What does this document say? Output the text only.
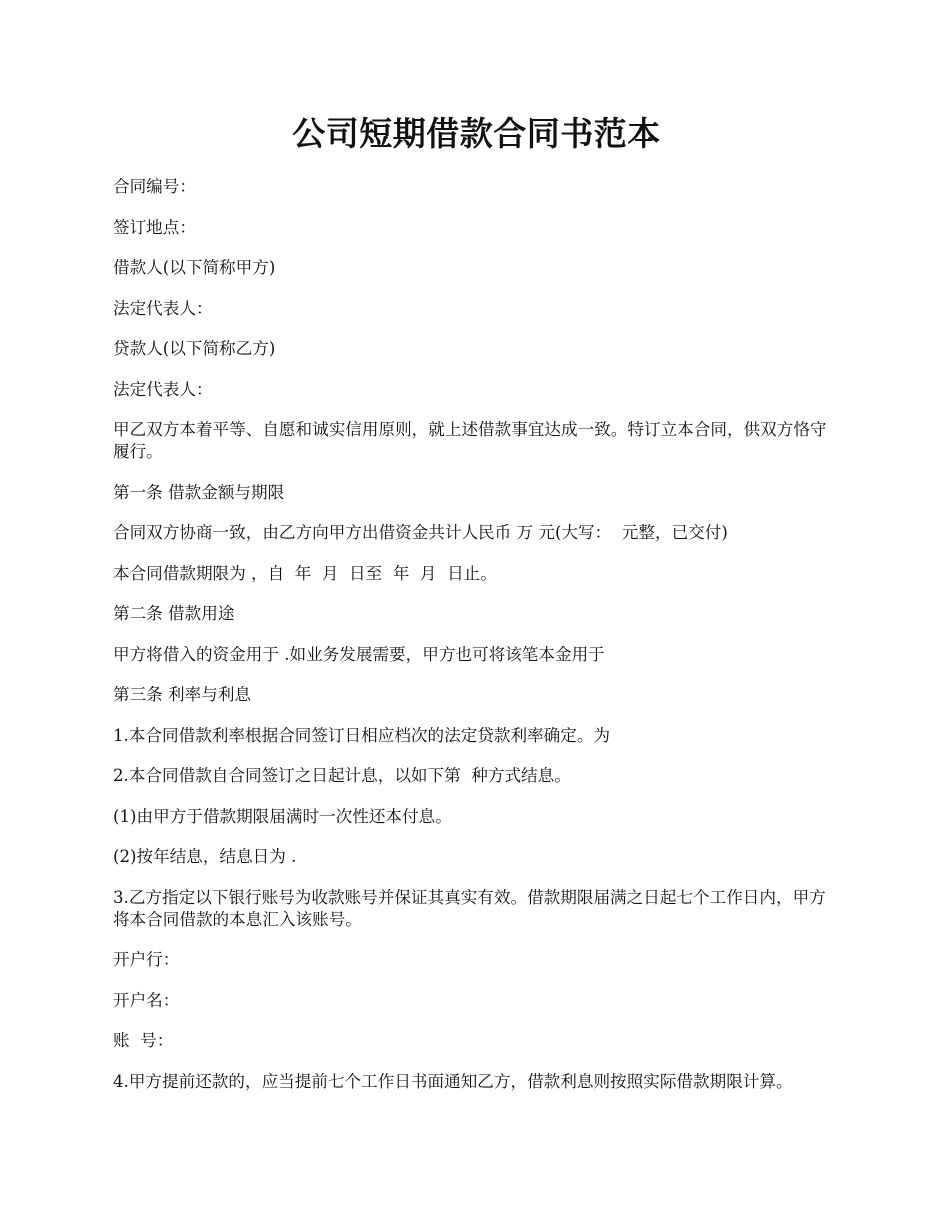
公司短期借款合同书范本

合同编号：

签订地点：

借款人(以下简称甲方)

法定代表人：

贷款人(以下简称乙方)

法定代表人：

甲乙双方本着平等、自愿和诚实信用原则，就上述借款事宜达成一致。特订立本合同，供双方恪守履行。

第一条 借款金额与期限

合同双方协商一致，由乙方向甲方出借资金共计人民币 万 元(大写：  元整，已交付)

本合同借款期限为 ，自  年  月  日至  年  月  日止。

第二条 借款用途

甲方将借入的资金用于 .如业务发展需要，甲方也可将该笔本金用于

第三条 利率与利息

1.本合同借款利率根据合同签订日相应档次的法定贷款利率确定。为

2.本合同借款自合同签订之日起计息，以如下第  种方式结息。

(1)由甲方于借款期限届满时一次性还本付息。

(2)按年结息，结息日为 .

3.乙方指定以下银行账号为收款账号并保证其真实有效。借款期限届满之日起七个工作日内，甲方将本合同借款的本息汇入该账号。

开户行：

开户名：

账  号：

4.甲方提前还款的，应当提前七个工作日书面通知乙方，借款利息则按照实际借款期限计算。
